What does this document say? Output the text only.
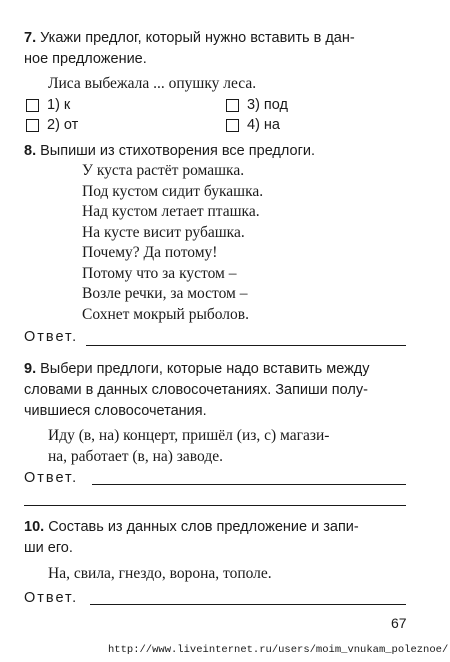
7. Укажи предлог, который нужно вставить в дан-
ное предложение.
Лиса выбежала ... опушку леса.
1) к
2) от
3) под
4) на
8. Выпиши из стихотворения все предлоги.
У куста растёт ромашка.
Под кустом сидит букашка.
Над кустом летает пташка.
На кусте висит рубашка.
Почему? Да потому!
Потому что за кустом –
Возле речки, за мостом –
Сохнет мокрый рыболов.
Ответ.
9. Выбери предлоги, которые надо вставить между
словами в данных словосочетаниях. Запиши полу-
чившиеся словосочетания.
Иду (в, на) концерт, пришёл (из, с) магази-
на, работает (в, на) заводе.
Ответ.
10. Составь из данных слов предложение и запи-
ши его.
На, свила, гнездо, ворона, тополе.
Ответ.
67
http://www.liveinternet.ru/users/moim_vnukam_poleznoe/
